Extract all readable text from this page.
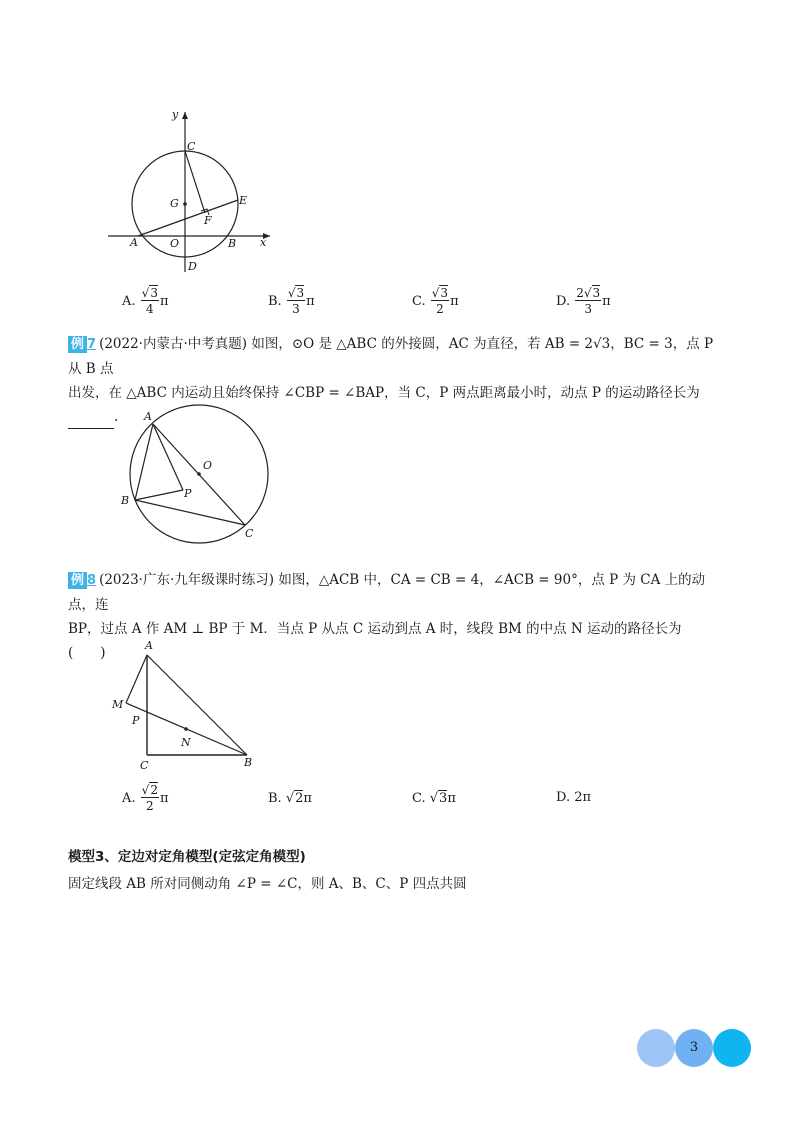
y
x
C
G	E
F
A	O	B
D
A.
$\frac{√3}{4}$ π	B.
$\frac{√3}{3}$ π	C.
$\frac{√3}{2}$ π	D.
$\frac{2√3}{3}$ π
例 7 (2022·内蒙古·中考真题) 如图，⊙O 是 △ABC 的外接圆，AC 为直径，若 AB = 2√3，BC = 3，点 P 从 B 点
出发，在 △ABC 内运动且始终保持 ∠CBP = ∠BAP，当 C，P 两点距离最小时，动点 P 的运动路径长为
.	A
O
B
P
C
例 8 (2023·广东·九年级课时练习) 如图，△ACB 中，CA = CB = 4，∠ACB = 90°，点 P 为 CA 上的动点，连
BP，过点 A 作 AM ⊥ BP 于 M．当点 P 从点 C 运动到点 A 时，线段 BM 的中点 N 运动的路径长为
(　　)	A
M
P
N
C	B
A.
$\frac{√2}{2}$ π	B. √ 2 π	C. √ 3 π	D.
2π
模型3、定边对定角模型(定弦定角模型)
固定线段 AB 所对同侧动角 ∠P = ∠C，则 A、B、C、P 四点共圆
3
